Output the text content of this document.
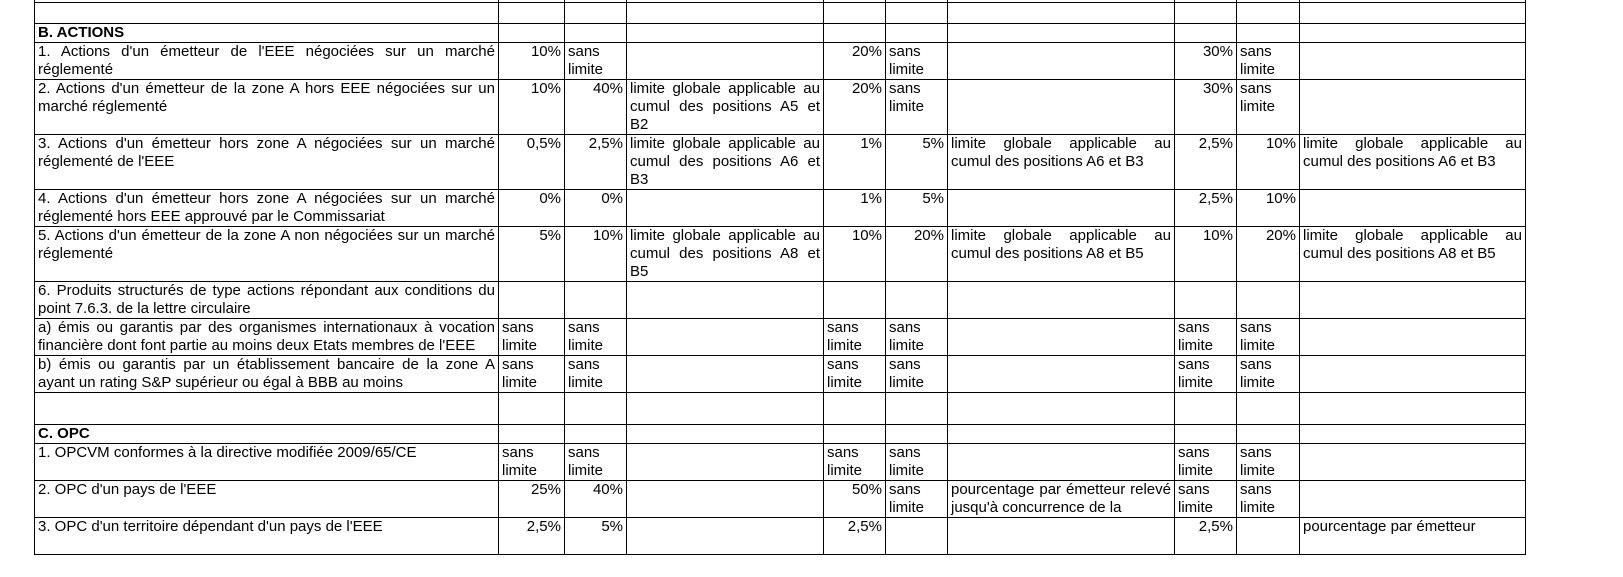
B. ACTIONS									
1. Actions d'un émetteur de l'EEE négociées sur un marché réglementé	10%	sans limite		20%	sans limite		30%	sans limite	
2. Actions d'un émetteur de la zone A hors EEE négociées sur un marché réglementé	10%	40%	limite globale applicable au cumul des positions A5 et B2	20%	sans limite		30%	sans limite	
3. Actions d'un émetteur hors zone A négociées sur un marché réglementé de l'EEE	0,5%	2,5%	limite globale applicable au cumul des positions A6 et B3	1%	5%	limite globale applicable au cumul des positions A6 et B3	2,5%	10%	limite globale applicable au cumul des positions A6 et B3
4. Actions d'un émetteur hors zone A négociées sur un marché réglementé hors EEE approuvé par le Commissariat	0%	0%		1%	5%		2,5%	10%	
5. Actions d'un émetteur de la zone A non négociées sur un marché réglementé	5%	10%	limite globale applicable au cumul des positions A8 et B5	10%	20%	limite globale applicable au cumul des positions A8 et B5	10%	20%	limite globale applicable au cumul des positions A8 et B5
6. Produits structurés de type actions répondant aux conditions du point 7.6.3. de la lettre circulaire									
a) émis ou garantis par des organismes internationaux à vocation financière dont font partie au moins deux Etats membres de l'EEE	sans limite	sans limite		sans limite	sans limite		sans limite	sans limite	
b) émis ou garantis par un établissement bancaire de la zone A ayant un rating S&P supérieur ou égal à BBB au moins	sans limite	sans limite		sans limite	sans limite		sans limite	sans limite	

C. OPC									
1. OPCVM conformes à la directive modifiée 2009/65/CE	sans limite	sans limite		sans limite	sans limite		sans limite	sans limite	
2. OPC d'un pays de l'EEE	25%	40%		50%	sans limite	pourcentage par émetteur relevé jusqu'à concurrence de la	sans limite	sans limite	
3. OPC d'un territoire dépendant d'un pays de l'EEE	2,5%	5%		2,5%			2,5%		pourcentage par émetteur
